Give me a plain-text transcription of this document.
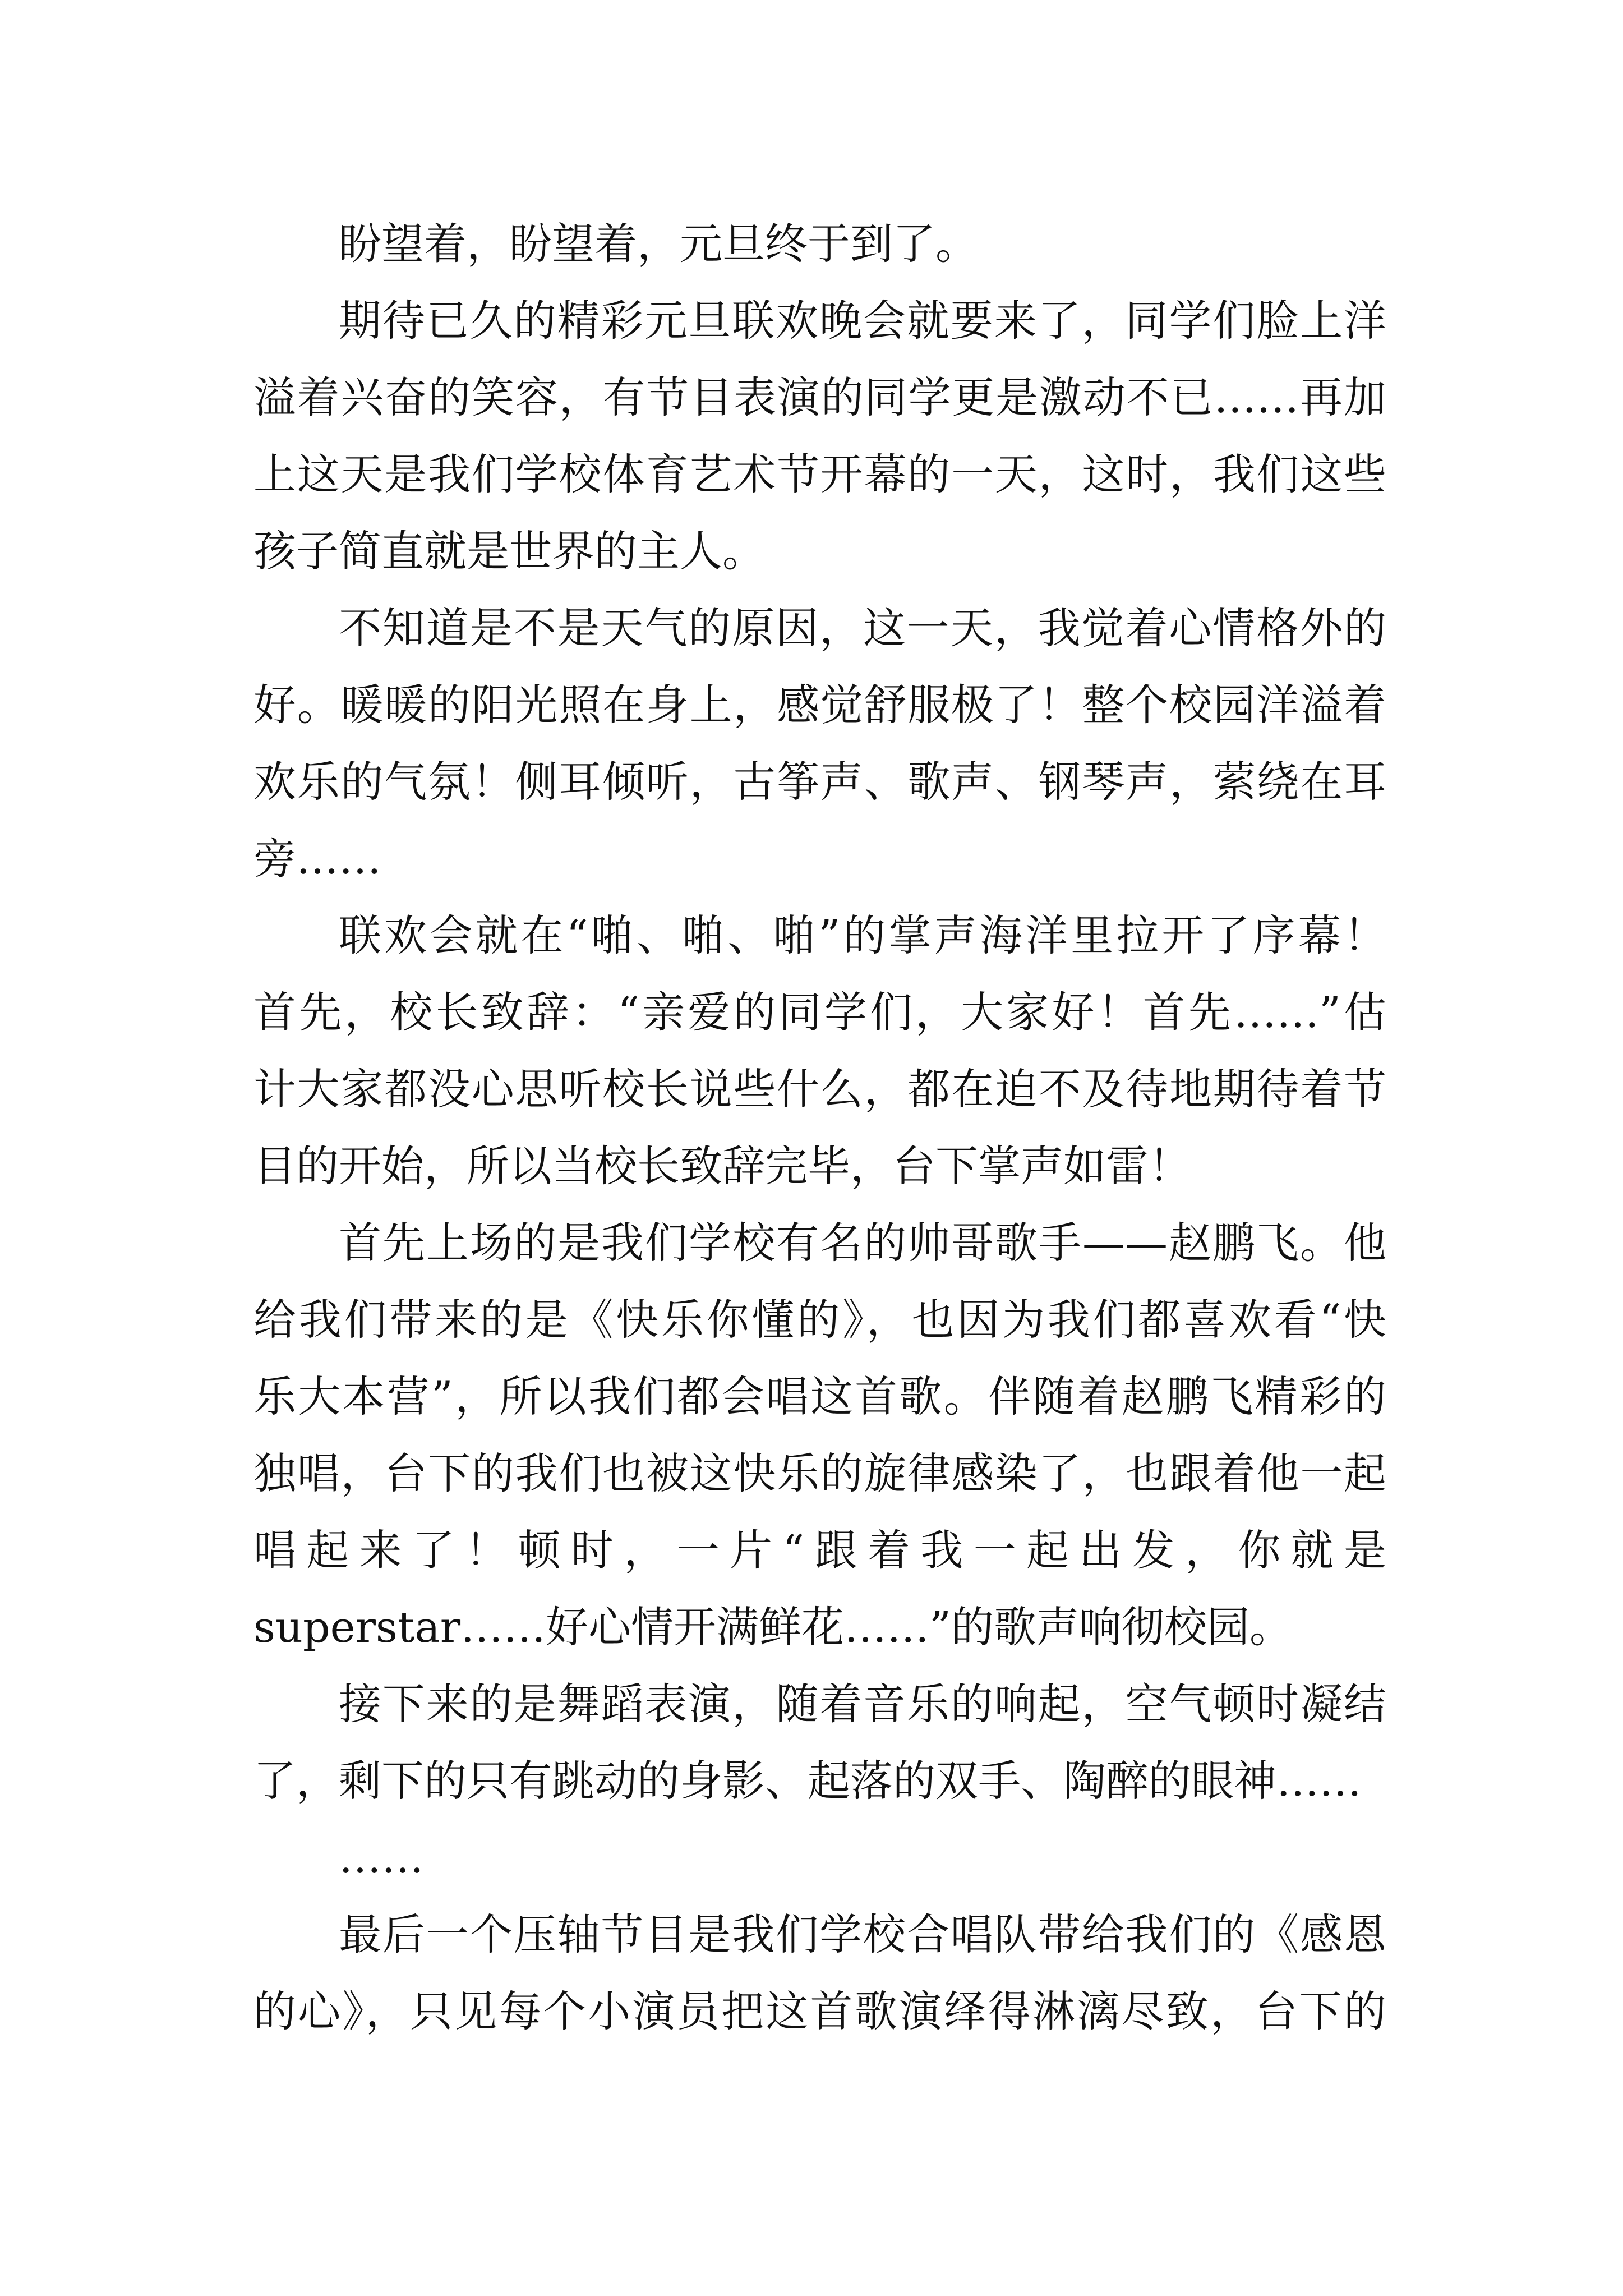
盼望着，盼望着，元旦终于到了。
期待已久的精彩元旦联欢晚会就要来了，同学们脸上洋
溢着兴奋的笑容，有节目表演的同学更是激动不已……再加
上这天是我们学校体育艺术节开幕的一天，这时，我们这些
孩子简直就是世界的主人。
不知道是不是天气的原因，这一天，我觉着心情格外的
好。暖暖的阳光照在身上，感觉舒服极了！整个校园洋溢着
欢乐的气氛！侧耳倾听，古筝声、歌声、钢琴声，萦绕在耳
旁……
联欢会就在“啪、啪、啪”的掌声海洋里拉开了序幕！
首先，校长致辞：“亲爱的同学们，大家好！首先……”估
计大家都没心思听校长说些什么，都在迫不及待地期待着节
目的开始，所以当校长致辞完毕，台下掌声如雷！
首先上场的是我们学校有名的帅哥歌手——赵鹏飞。他
给我们带来的是《快乐你懂的》，也因为我们都喜欢看“快
乐大本营”，所以我们都会唱这首歌。伴随着赵鹏飞精彩的
独唱，台下的我们也被这快乐的旋律感染了，也跟着他一起
唱起来了！顿时，一片“跟着我一起出发，你就是
superstar……好心情开满鲜花……”的歌声响彻校园。
接下来的是舞蹈表演，随着音乐的响起，空气顿时凝结
了，剩下的只有跳动的身影、起落的双手、陶醉的眼神……
……
最后一个压轴节目是我们学校合唱队带给我们的《感恩
的心》，只见每个小演员把这首歌演绎得淋漓尽致，台下的
